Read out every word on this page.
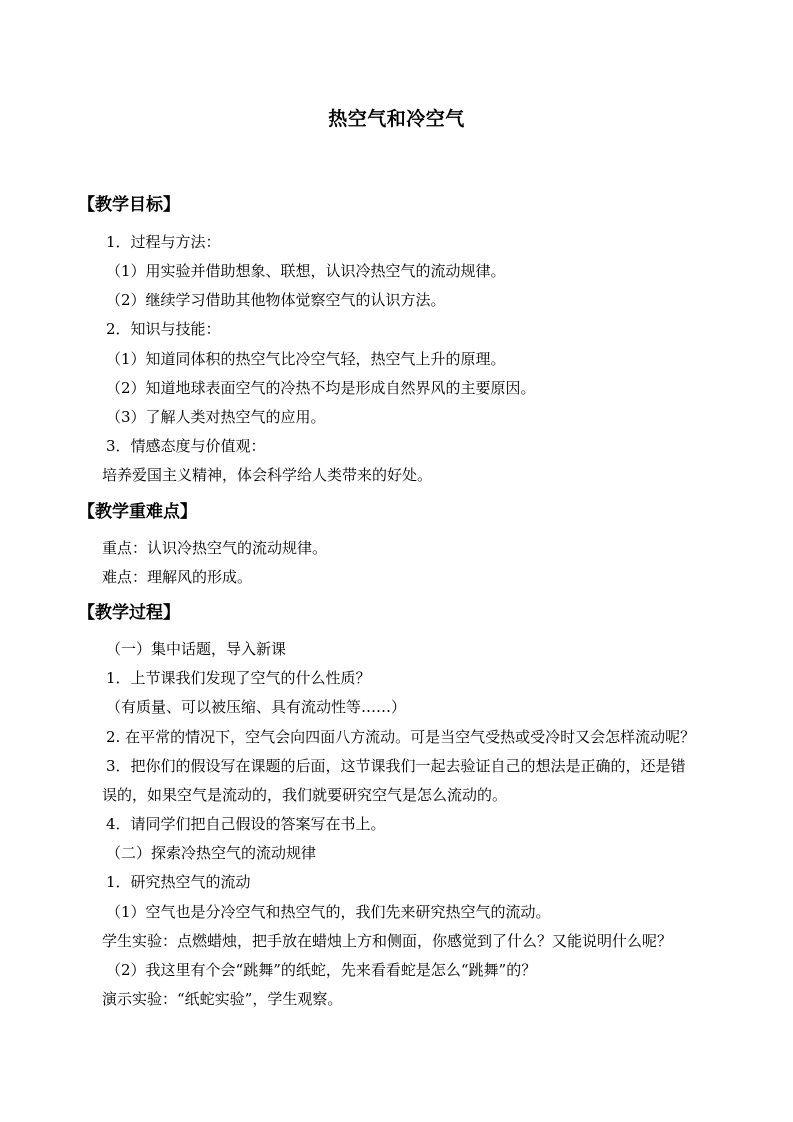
热空气和冷空气
【教学目标】
1．过程与方法：
（1）用实验并借助想象、联想，认识冷热空气的流动规律。
（2）继续学习借助其他物体觉察空气的认识方法。
2．知识与技能：
（1）知道同体积的热空气比冷空气轻，热空气上升的原理。
（2）知道地球表面空气的冷热不均是形成自然界风的主要原因。
（3）了解人类对热空气的应用。
3．情感态度与价值观：
培养爱国主义精神，体会科学给人类带来的好处。
【教学重难点】
重点：认识冷热空气的流动规律。
难点：理解风的形成。
【教学过程】
（一）集中话题，导入新课
1．上节课我们发现了空气的什么性质？
（有质量、可以被压缩、具有流动性等……）
2. 在平常的情况下，空气会向四面八方流动。可是当空气受热或受冷时又会怎样流动呢？
3．把你们的假设写在课题的后面，这节课我们一起去验证自己的想法是正确的，还是错
误的，如果空气是流动的，我们就要研究空气是怎么流动的。
4．请同学们把自己假设的答案写在书上。
（二）探索冷热空气的流动规律
1．研究热空气的流动
（1）空气也是分冷空气和热空气的，我们先来研究热空气的流动。
学生实验：点燃蜡烛，把手放在蜡烛上方和侧面，你感觉到了什么？又能说明什么呢？
（2）我这里有个会“跳舞”的纸蛇，先来看看蛇是怎么“跳舞”的？
演示实验：“纸蛇实验”，学生观察。
